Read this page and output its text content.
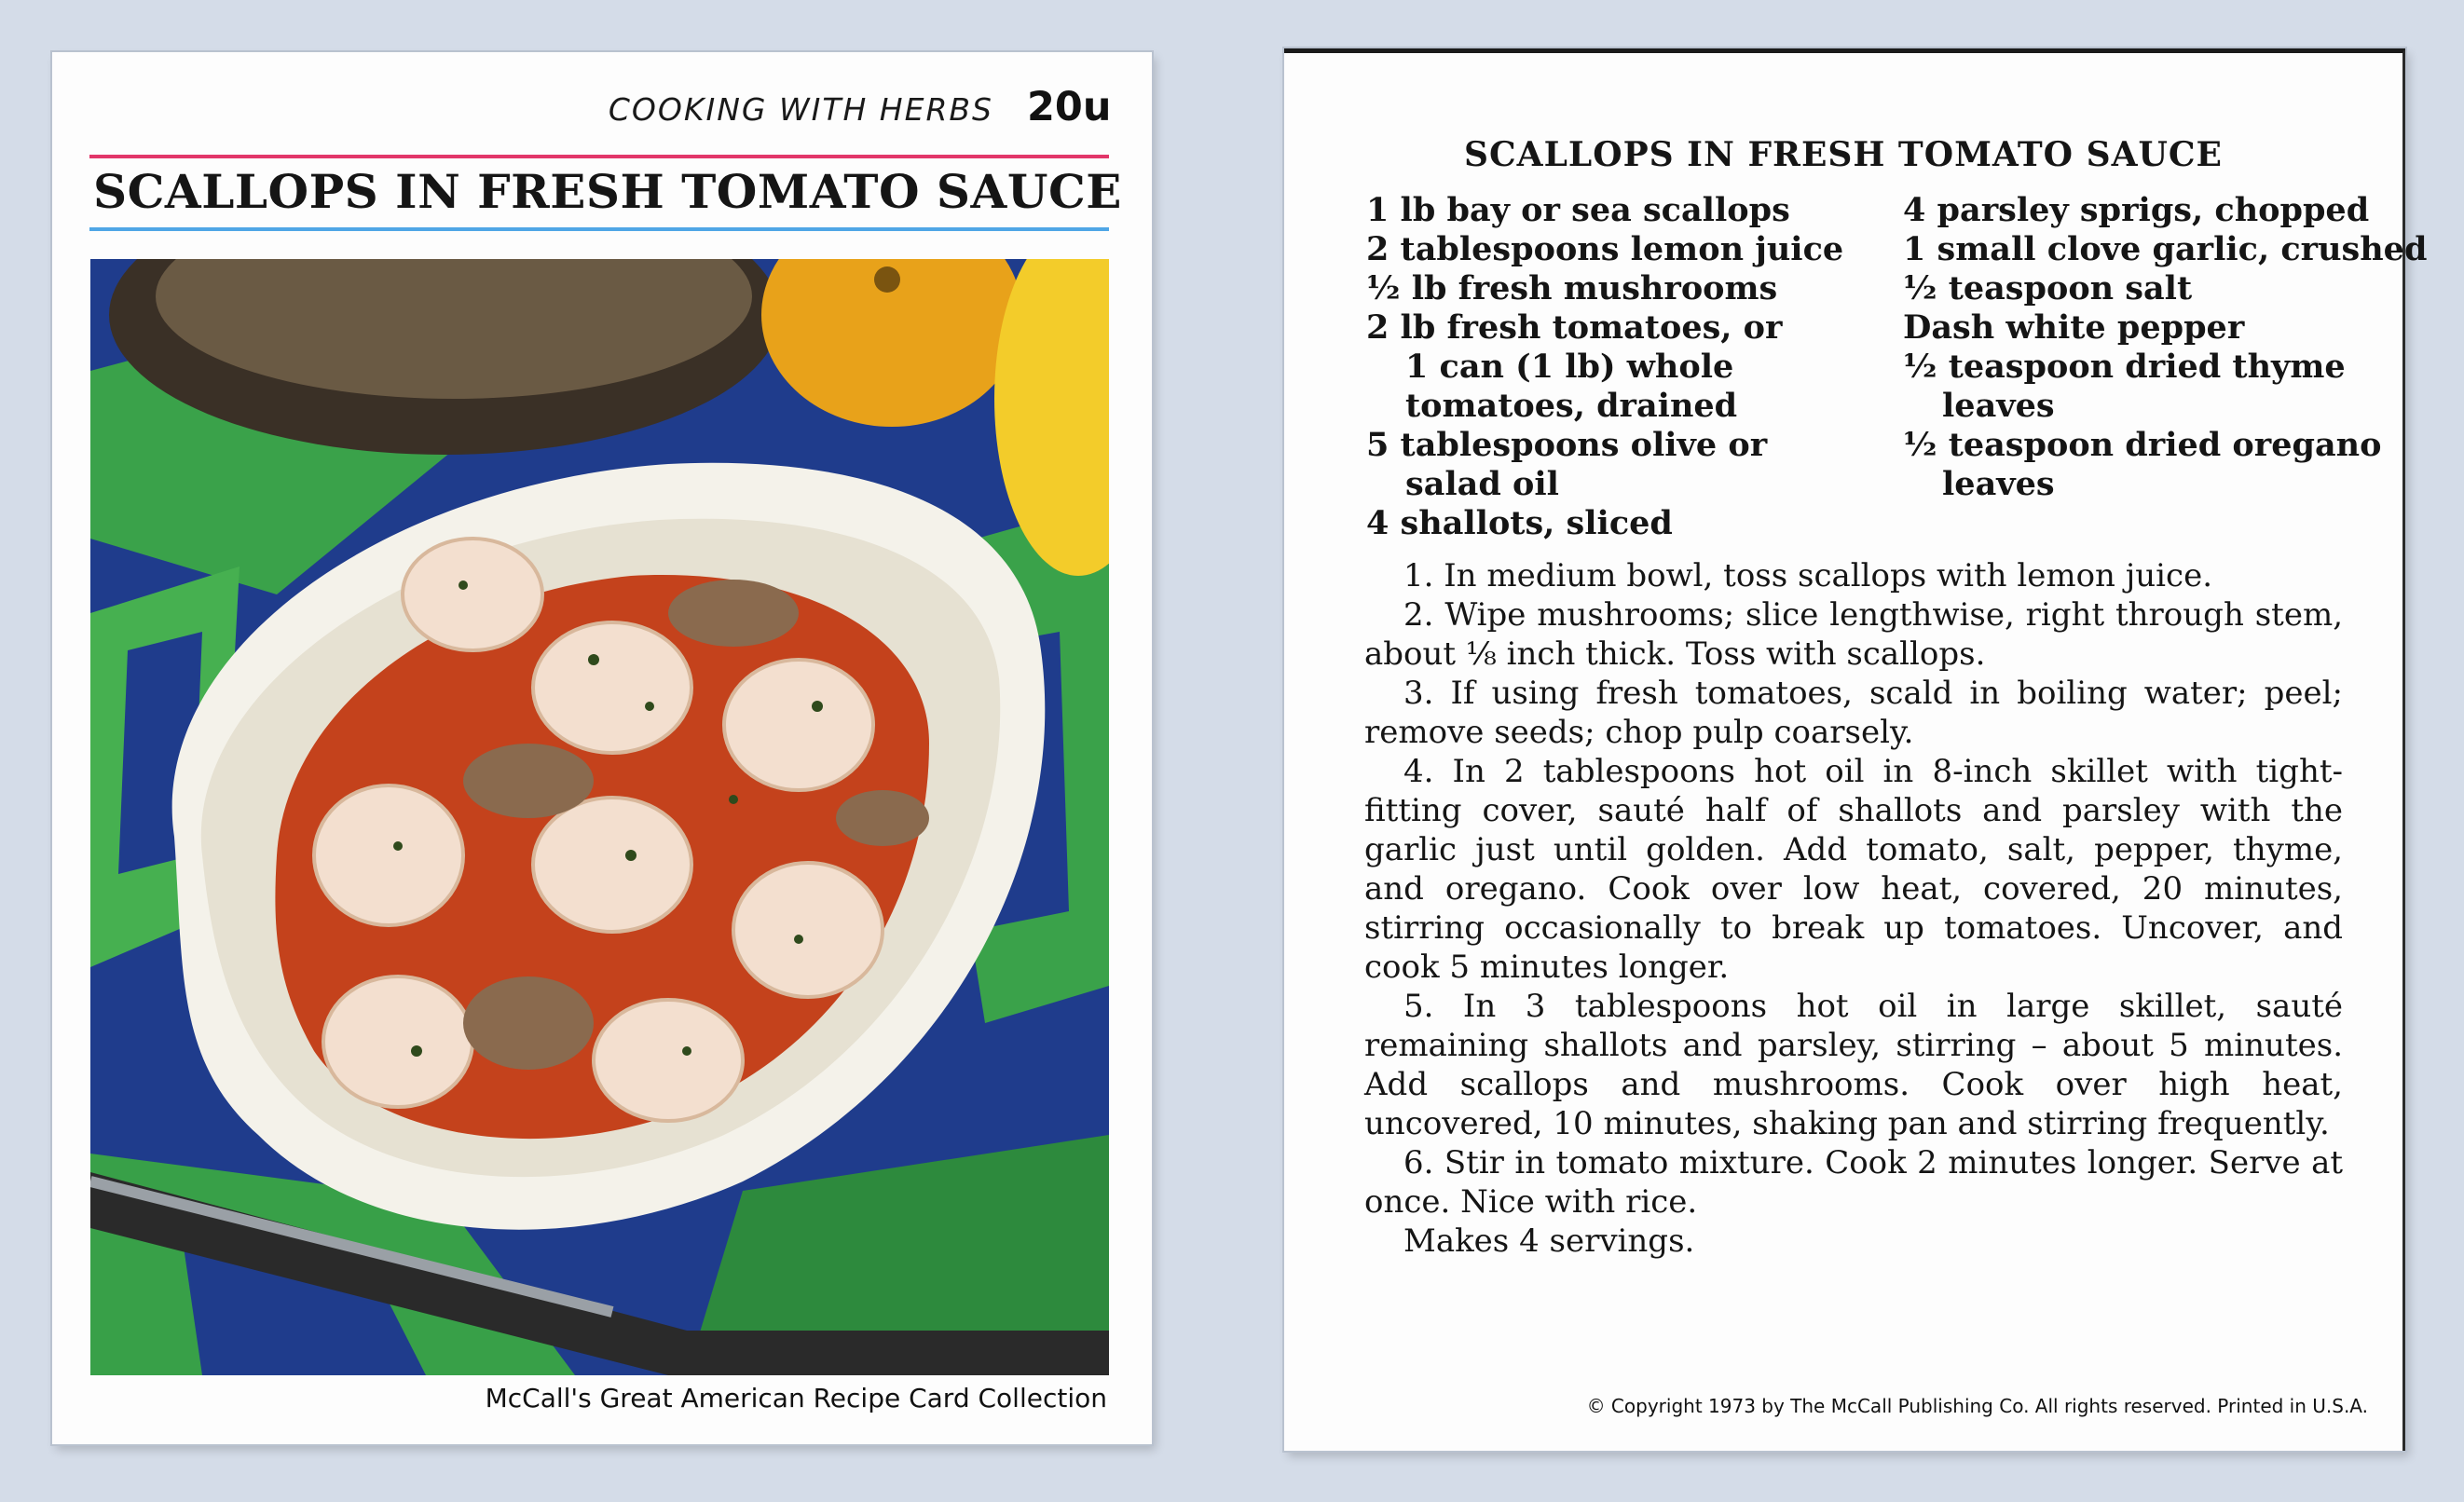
COOKING WITH HERBS 20u
SCALLOPS IN FRESH TOMATO SAUCE
McCall's Great American Recipe Card Collection
SCALLOPS IN FRESH TOMATO SAUCE
1 lb bay or sea scallops
2 tablespoons lemon juice
½ lb fresh mushrooms
2 lb fresh tomatoes, or
1 can (1 lb) whole
tomatoes, drained
5 tablespoons olive or
salad oil
4 shallots, sliced
4 parsley sprigs, chopped
1 small clove garlic, crushed
½ teaspoon salt
Dash white pepper
½ teaspoon dried thyme
leaves
½ teaspoon dried oregano
leaves

1. In medium bowl, toss scallops with lemon juice.

2. Wipe mushrooms; slice lengthwise, right through stem, about ⅛ inch thick. Toss with scallops.

3. If using fresh tomatoes, scald in boiling water; peel; remove seeds; chop pulp coarsely.

4. In 2 tablespoons hot oil in 8-inch skillet with tight-fitting cover, sauté half of shallots and parsley with the garlic just until golden. Add tomato, salt, pepper, thyme, and oregano. Cook over low heat, covered, 20 minutes, stirring occasionally to break up tomatoes. Uncover, and cook 5 minutes longer.

5. In 3 tablespoons hot oil in large skillet, sauté remaining shallots and parsley, stirring – about 5 minutes. Add scallops and mushrooms. Cook over high heat, uncovered, 10 minutes, shaking pan and stirring frequently.

6. Stir in tomato mixture. Cook 2 minutes longer. Serve at once. Nice with rice.

Makes 4 servings.

© Copyright 1973 by The McCall Publishing Co. All rights reserved. Printed in U.S.A.
